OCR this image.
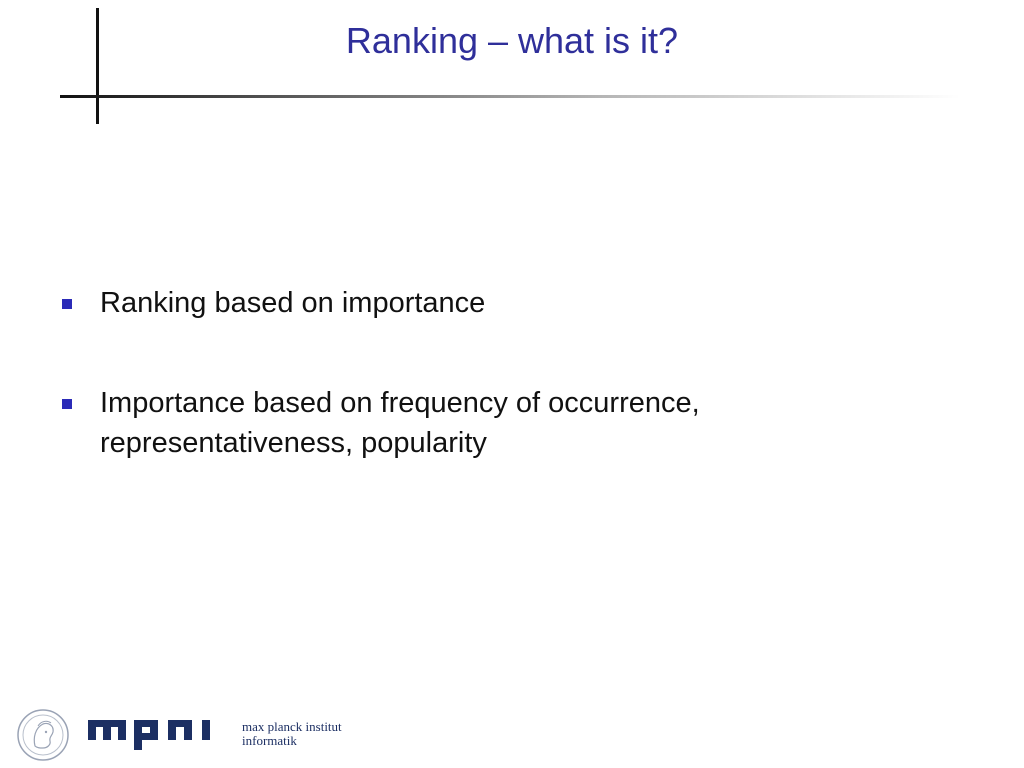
Ranking – what is it?
Ranking based on importance
Importance based on frequency of occurrence, representativeness, popularity
max planck institut
informatik
